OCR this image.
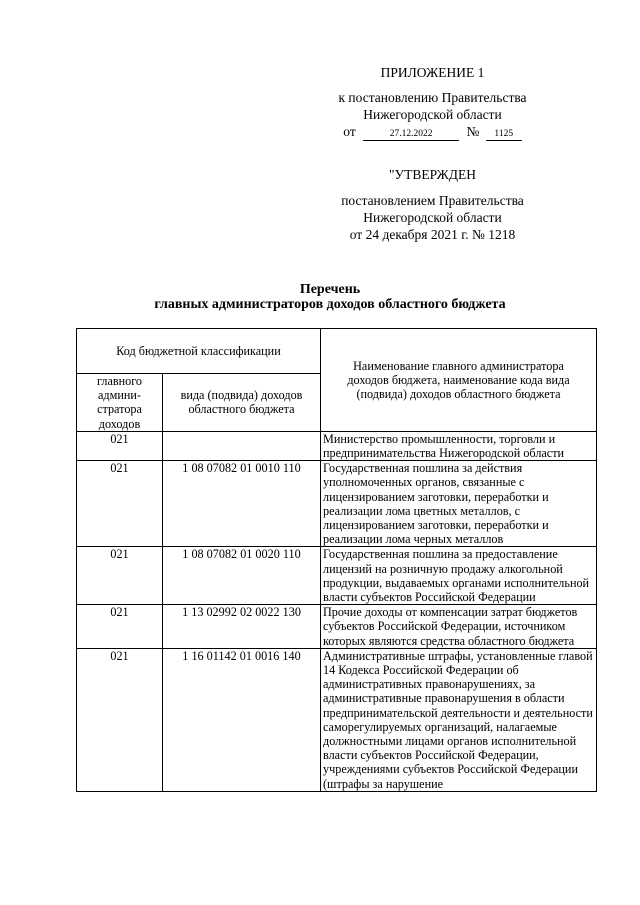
ПРИЛОЖЕНИЕ 1
к постановлению Правительства
Нижегородской области
от	27.12.2022	№ 1125
"УТВЕРЖДЕН
постановлением Правительства
Нижегородской области
от 24 декабря 2021 г. № 1218
Перечень
главных администраторов доходов областного бюджета
Код бюджетной классификации		Наименование главного администратора доходов бюджета, наименование кода вида (подвида) доходов областного бюджета
главного админи-стратора доходов	вида (подвида) доходов областного бюджета	
021		Министерство промышленности, торговли и предпринимательства Нижегородской области
021	1 08 07082 01 0010 110	Государственная пошлина за действия уполномоченных органов, связанные с лицензированием заготовки, переработки и реализации лома цветных металлов, с лицензированием заготовки, переработки и реализации лома черных металлов
021	1 08 07082 01 0020 110	Государственная пошлина за предоставление лицензий на розничную продажу алкогольной продукции, выдаваемых органами исполнительной власти субъектов Российской Федерации
021	1 13 02992 02 0022 130	Прочие доходы от компенсации затрат бюджетов субъектов Российской Федерации, источником которых являются средства областного бюджета
021	1 16 01142 01 0016 140	Административные штрафы, установленные главой 14 Кодекса Российской Федерации об административных правонарушениях, за административные правонарушения в области предпринимательской деятельности и деятельности саморегулируемых организаций, налагаемые должностными лицами органов исполнительной власти субъектов Российской Федерации, учреждениями субъектов Российской Федерации (штрафы за нарушение
